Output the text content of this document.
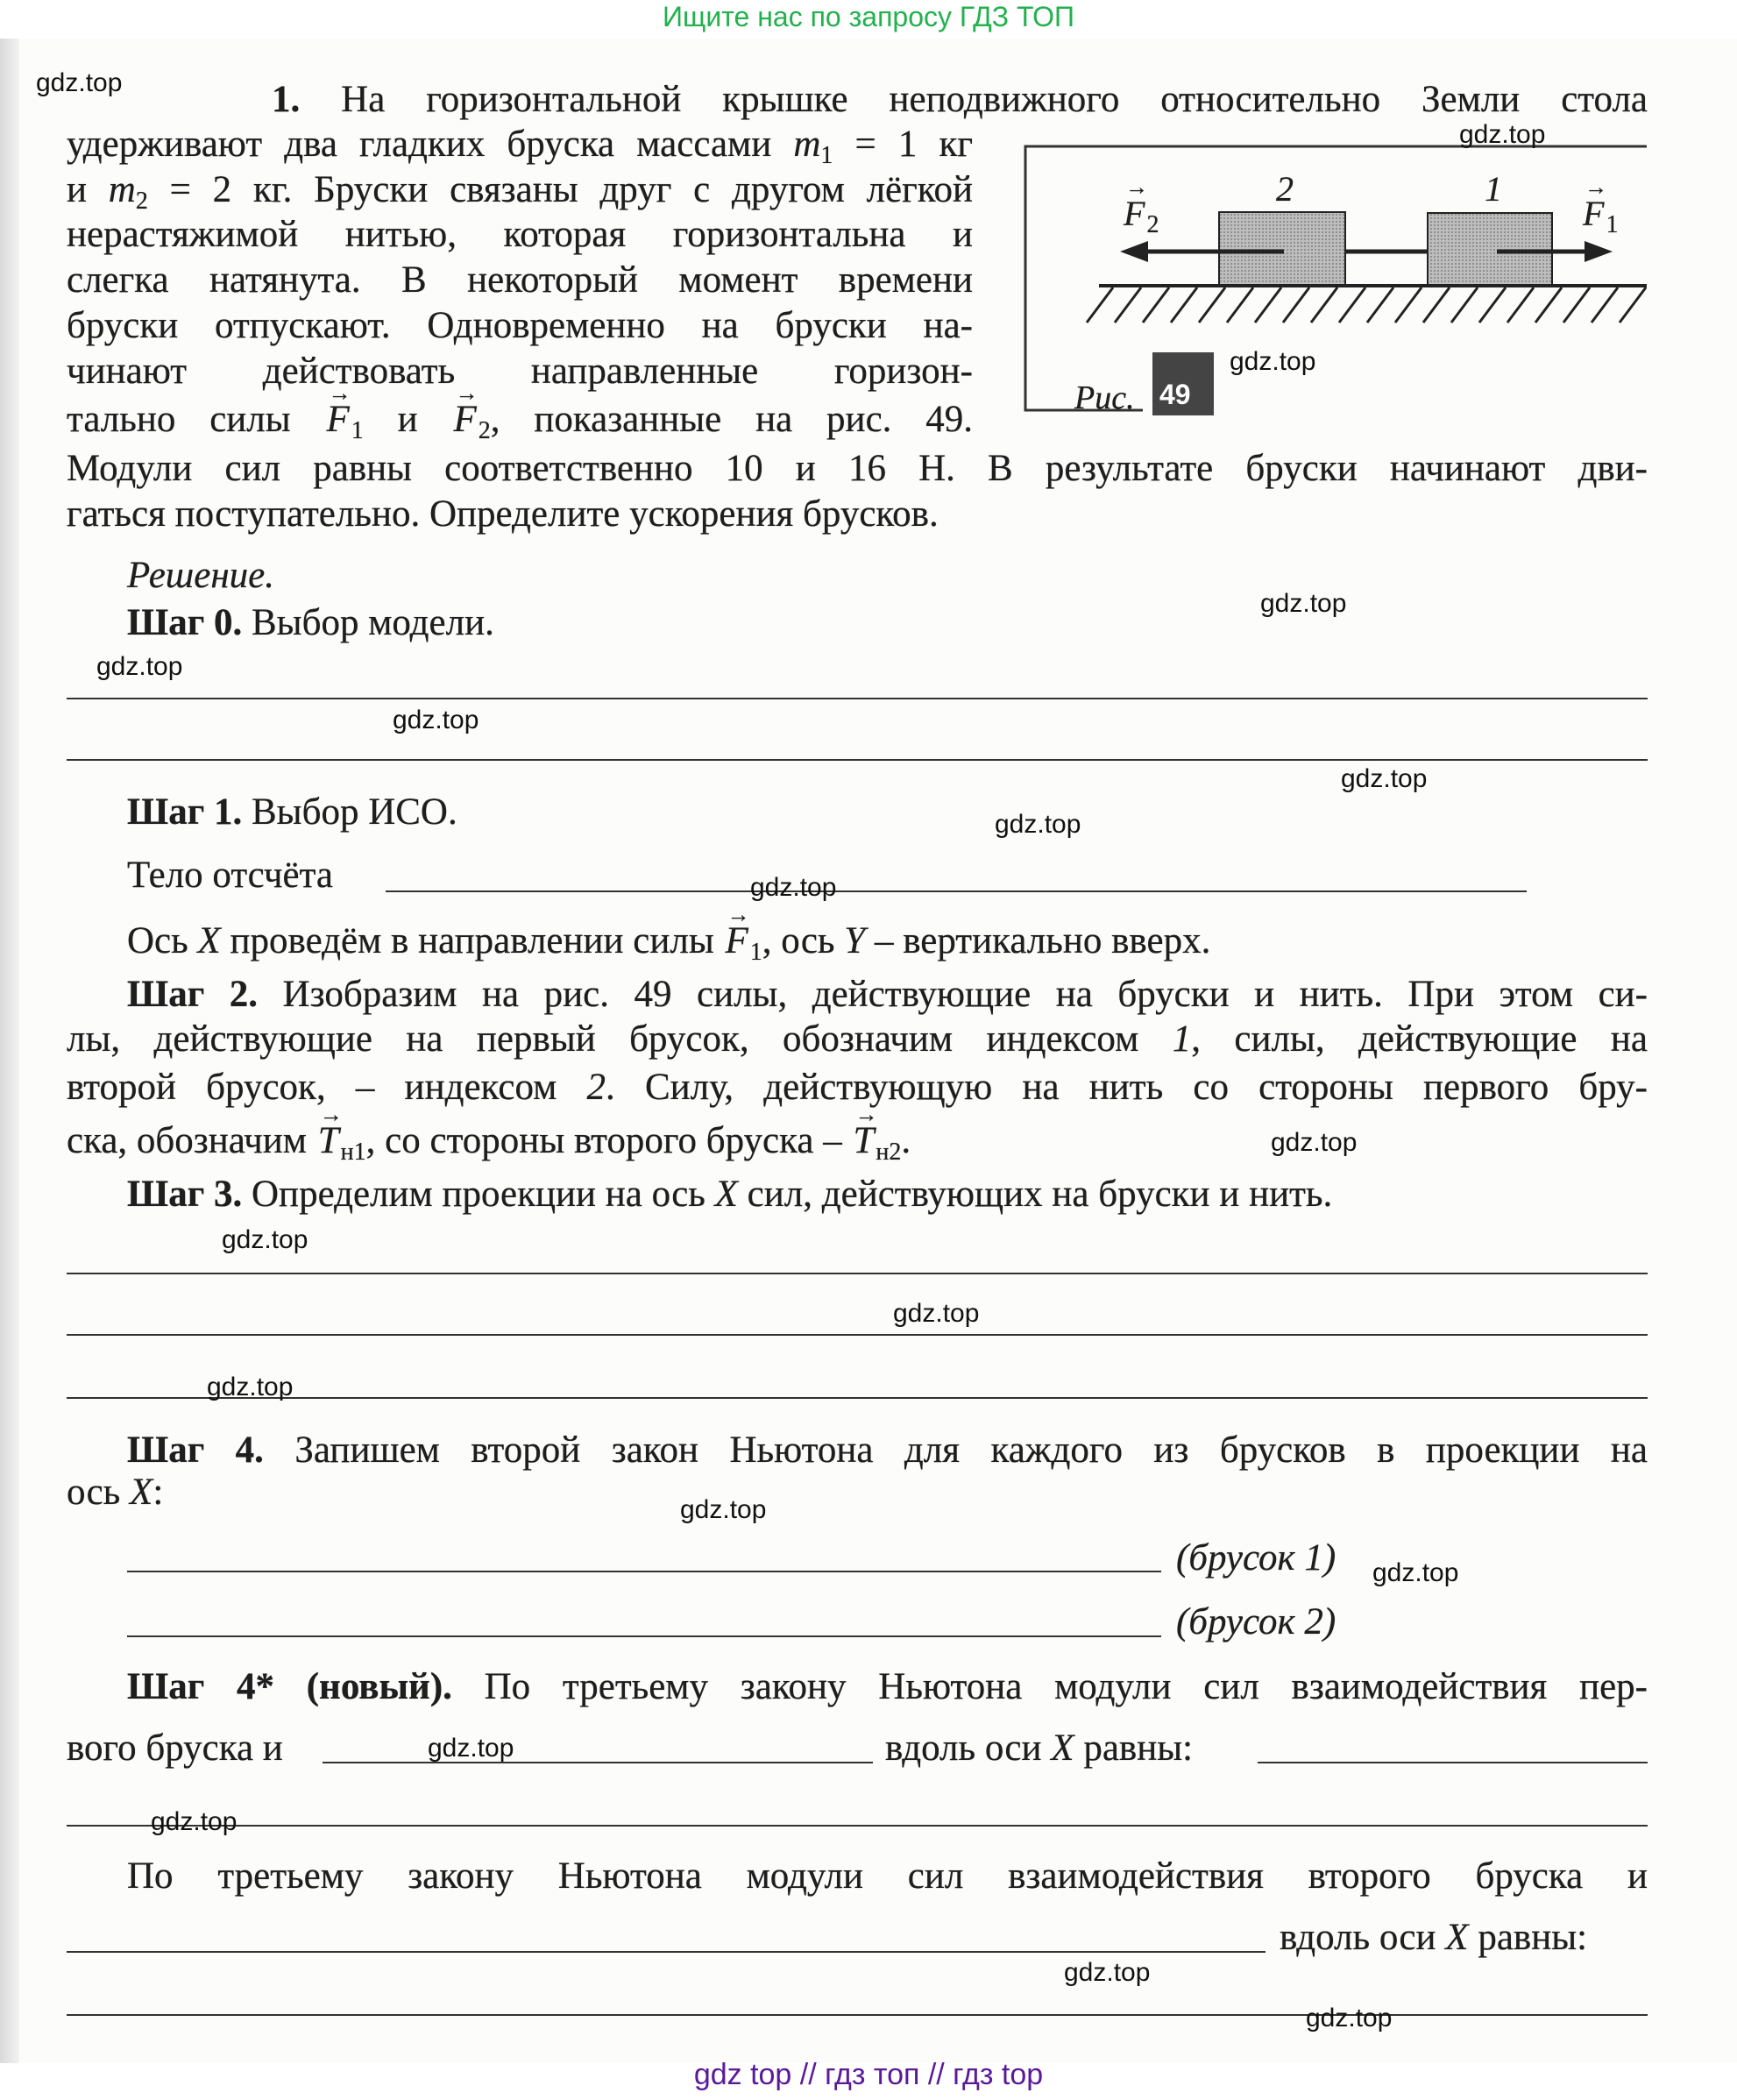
Ищите нас по запросу ГДЗ ТОП
1. На горизонтальной крышке неподвижного относительно Земли стола
удерживают два гладких бруска массами $m_1 = 1$ кг
и $m_2 = 2$ кг. Бруски связаны друг с другом лёгкой
нерастяжимой нитью, которая горизонтальна и
слегка натянута. В некоторый момент времени
бруски отпускают. Одновременно на бруски на-
чинают действовать направленные горизон-
тально силы → $F_1$ $и \to F_2$, показанные на рис. 49.
Модули сил равны соответственно 10 и 16 Н. В результате бруски начинают дви-
гаться поступательно. Определите ускорения брусков.
2	1
→ $F_2$	→ $F_1$
Рис. 49
Решение.
Шаг 0. Выбор модели.
Шаг 1. Выбор ИСО.
Тело отсчёта
Ось X проведём в направлении силы → $F_1$, ось Y – вертикально вверх.
Шаг 2. Изобразим на рис. 49 силы, действующие на бруски и нить. При этом си-
лы, действующие на первый брусок, обозначим индексом 1, силы, действующие на
второй брусок, – индексом 2. Силу, действующую на нить со стороны первого бру-
ска, обозначим → $T_{н1}$, со стороны второго бруска – → $T_{н2}$.
Шаг 3. Определим проекции на ось X сил, действующих на бруски и нить.
Шаг 4. Запишем второй закон Ньютона для каждого из брусков в проекции на
ось X:
(брусок 1)
(брусок 2)
Шаг 4* (новый). По третьему закону Ньютона модули сил взаимодействия пер-
вого бруска и	вдоль оси X равны:
По третьему закону Ньютона модули сил взаимодействия второго бруска и
вдоль оси X равны:
gdz.top
gdz.top
gdz.top
gdz.top
gdz.top
gdz.top
gdz.top
gdz.top
gdz.top
gdz.top
gdz.top
gdz.top
gdz.top
gdz.top
gdz.top
gdz.top
gdz.top
gdz.top
gdz.top
gdz top // гдз топ // гдз top
